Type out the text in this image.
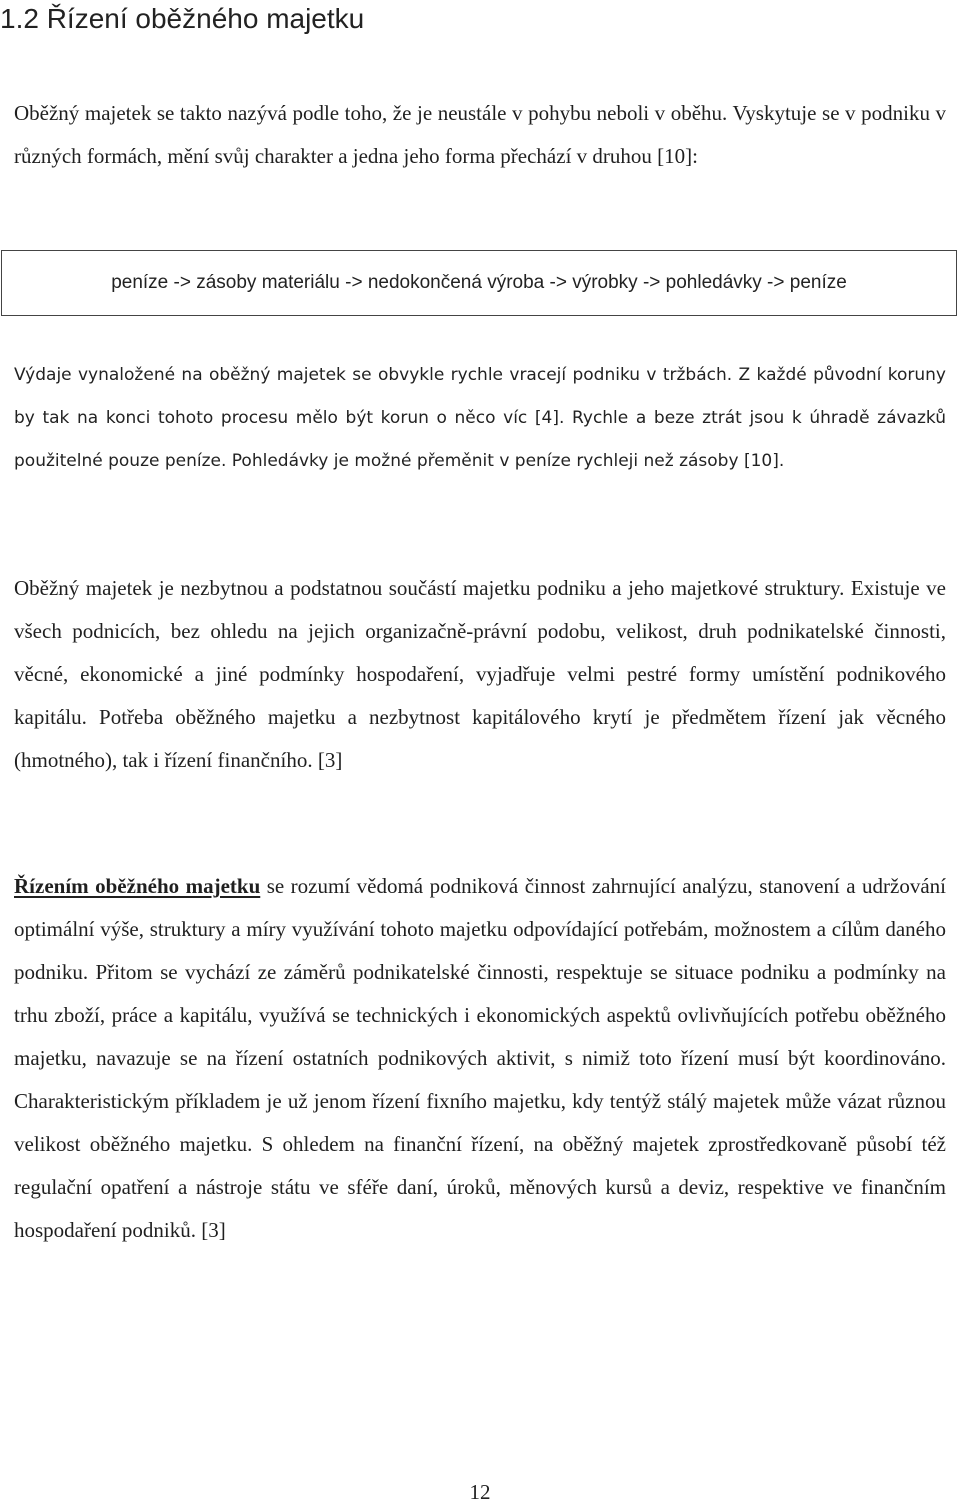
1.2 Řízení oběžného majetku

Oběžný majetek se takto nazývá podle toho, že je neustále v pohybu neboli v oběhu. Vyskytuje se v podniku v různých formách, mění svůj charakter a jedna jeho forma přechází v druhou [10]:

peníze -> zásoby materiálu -> nedokončená výroba -> výrobky -> pohledávky -> peníze

Výdaje vynaložené na oběžný majetek se obvykle rychle vracejí podniku v tržbách. Z každé původní koruny by tak na konci tohoto procesu mělo být korun o něco víc [4]. Rychle a beze ztrát jsou k úhradě závazků použitelné pouze peníze. Pohledávky je možné přeměnit v peníze rychleji než zásoby [10].

Oběžný majetek je nezbytnou a podstatnou součástí majetku podniku a jeho majetkové struktury. Existuje ve všech podnicích, bez ohledu na jejich organizačně-právní podobu, velikost, druh podnikatelské činnosti, věcné, ekonomické a jiné podmínky hospodaření, vyjadřuje velmi pestré formy umístění podnikového kapitálu. Potřeba oběžného majetku a nezbytnost kapitálového krytí je předmětem řízení jak věcného (hmotného), tak i řízení finančního. [3]

Řízením oběžného majetku se rozumí vědomá podniková činnost zahrnující analýzu, stanovení a udržování optimální výše, struktury a míry využívání tohoto majetku odpovídající potřebám, možnostem a cílům daného podniku. Přitom se vychází ze záměrů podnikatelské činnosti, respektuje se situace podniku a podmínky na trhu zboží, práce a kapitálu, využívá se technických i ekonomických aspektů ovlivňujících potřebu oběžného majetku, navazuje se na řízení ostatních podnikových aktivit, s nimiž toto řízení musí být koordinováno. Charakteristickým příkladem je už jenom řízení fixního majetku, kdy tentýž stálý majetek může vázat různou velikost oběžného majetku. S ohledem na finanční řízení, na oběžný majetek zprostředkovaně působí též regulační opatření a nástroje státu ve sféře daní, úroků, měnových kursů a deviz, respektive ve finančním hospodaření podniků. [3]

12
